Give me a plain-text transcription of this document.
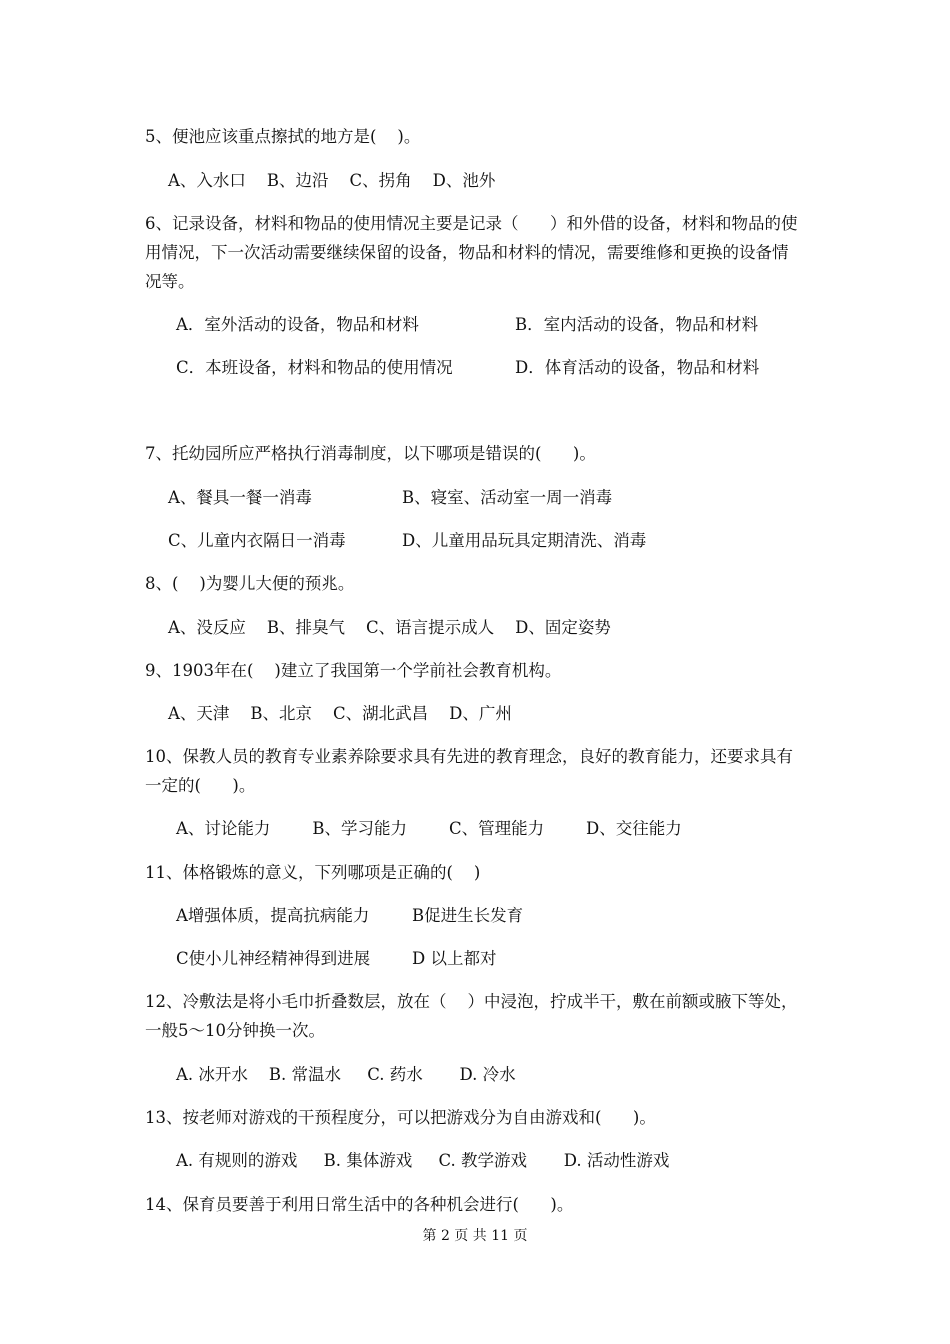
5、便池应该重点擦拭的地方是(    )。
A、入水口    B、边沿    C、拐角    D、池外
6、记录设备，材料和物品的使用情况主要是记录（      ）和外借的设备，材料和物品的使
用情况，下一次活动需要继续保留的设备，物品和材料的情况，需要维修和更换的设备情
况等。
A．室外活动的设备，物品和材料	B．室内活动的设备，物品和材料
C．本班设备，材料和物品的使用情况	D．体育活动的设备，物品和材料
7、托幼园所应严格执行消毒制度，以下哪项是错误的(      )。
A、餐具一餐一消毒	B、寝室、活动室一周一消毒
C、儿童内衣隔日一消毒	D、儿童用品玩具定期清洗、消毒
8、(    )为婴儿大便的预兆。
A、没反应    B、排臭气    C、语言提示成人    D、固定姿势
9、1903年在(    )建立了我国第一个学前社会教育机构。
A、天津    B、北京    C、湖北武昌    D、广州
10、保教人员的教育专业素养除要求具有先进的教育理念，良好的教育能力，还要求具有
一定的(      )。
A、讨论能力        B、学习能力        C、管理能力        D、交往能力
11、体格锻炼的意义，下列哪项是正确的(    )
A增强体质，提高抗病能力	B促进生长发育
C使小儿神经精神得到进展	D 以上都对
12、冷敷法是将小毛巾折叠数层，放在（    ）中浸泡，拧成半干，敷在前额或腋下等处，
一般5～10分钟换一次。
A. 冰开水    B. 常温水     C. 药水       D. 冷水
13、按老师对游戏的干预程度分，可以把游戏分为自由游戏和(      )。
A. 有规则的游戏     B. 集体游戏     C. 教学游戏       D. 活动性游戏
14、保育员要善于利用日常生活中的各种机会进行(      )。
第 2 页 共 11 页
